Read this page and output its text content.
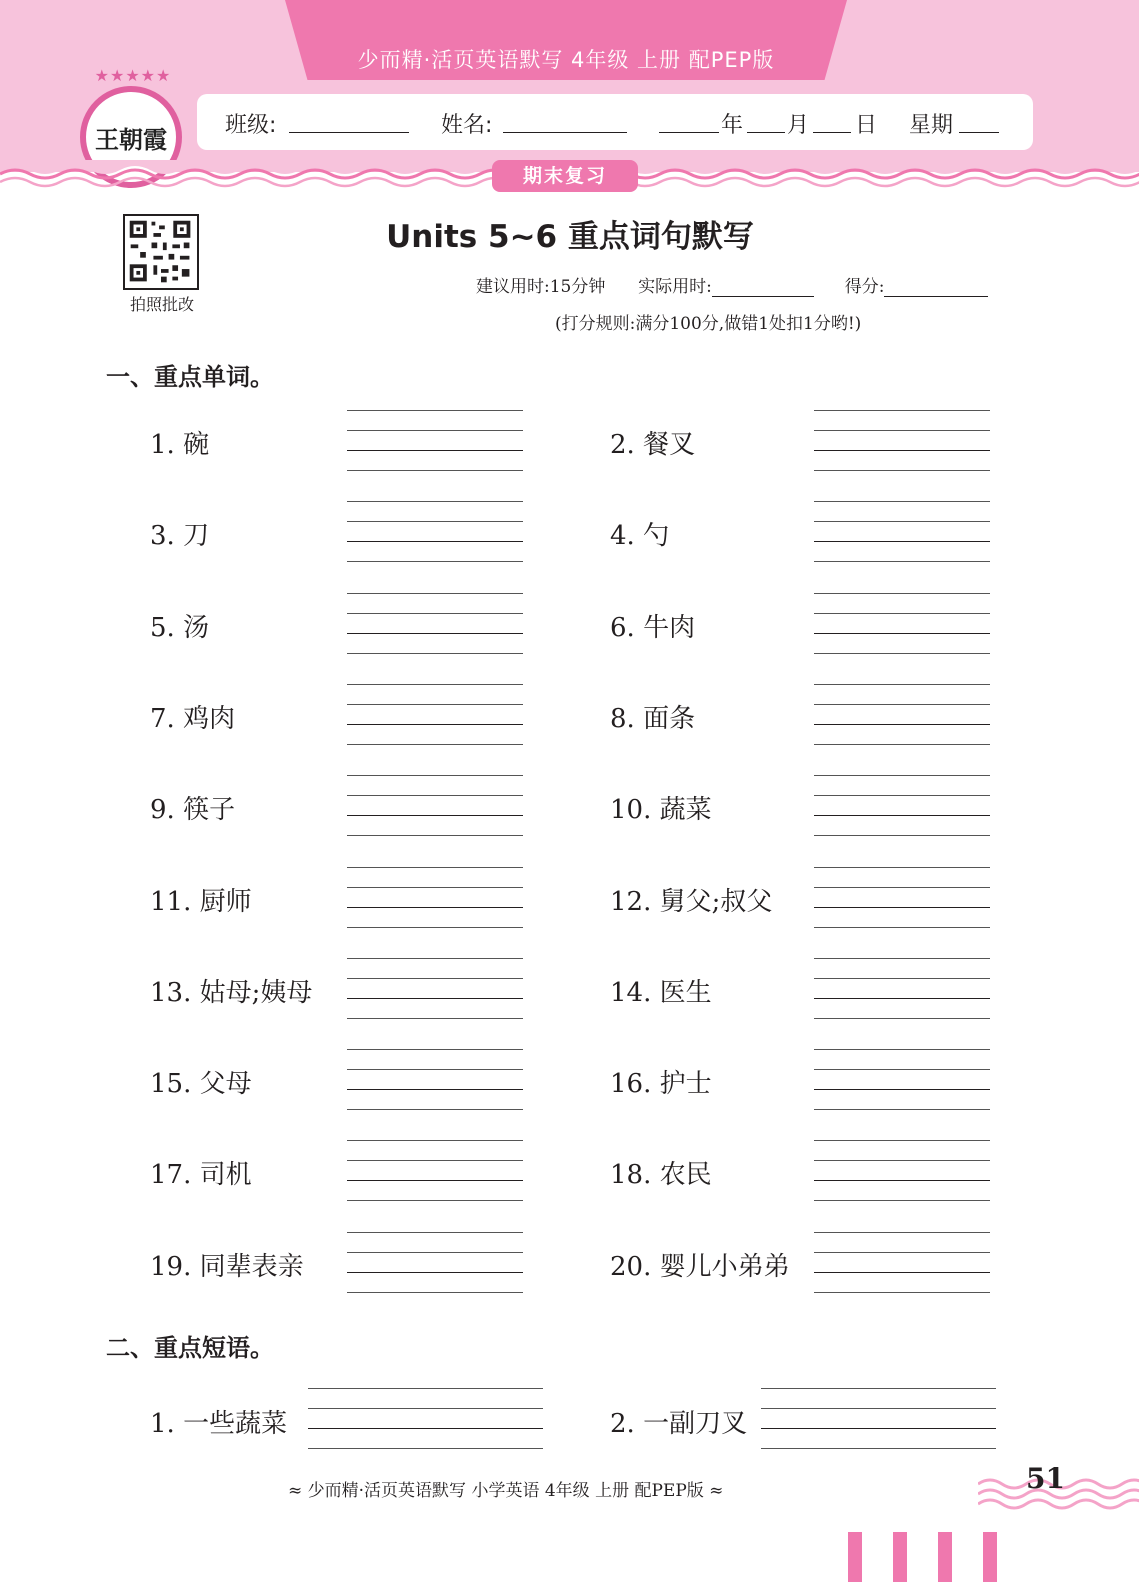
少而精·活页英语默写 4年级 上册 配PEP版
★★★★★
王朝霞	班级:	姓名:	年 月 日 星期
期末复习
拍照批改
Units 5~6 重点词句默写
建议用时:15分钟 实际用时:	得分:
(打分规则:满分100分,做错1处扣1分哟!)
一、重点单词。
1. 碗	2. 餐叉
3. 刀	4. 勺
5. 汤	6. 牛肉
7. 鸡肉	8. 面条
9. 筷子	10. 蔬菜
11. 厨师	12. 舅父;叔父
13. 姑母;姨母	14. 医生
15. 父母	16. 护士
17. 司机	18. 农民
19. 同辈表亲	20. 婴儿小弟弟
二、重点短语。
1. 一些蔬菜	2. 一副刀叉
≈ 少而精·活页英语默写 小学英语 4年级 上册 配PEP版 ≈	51
